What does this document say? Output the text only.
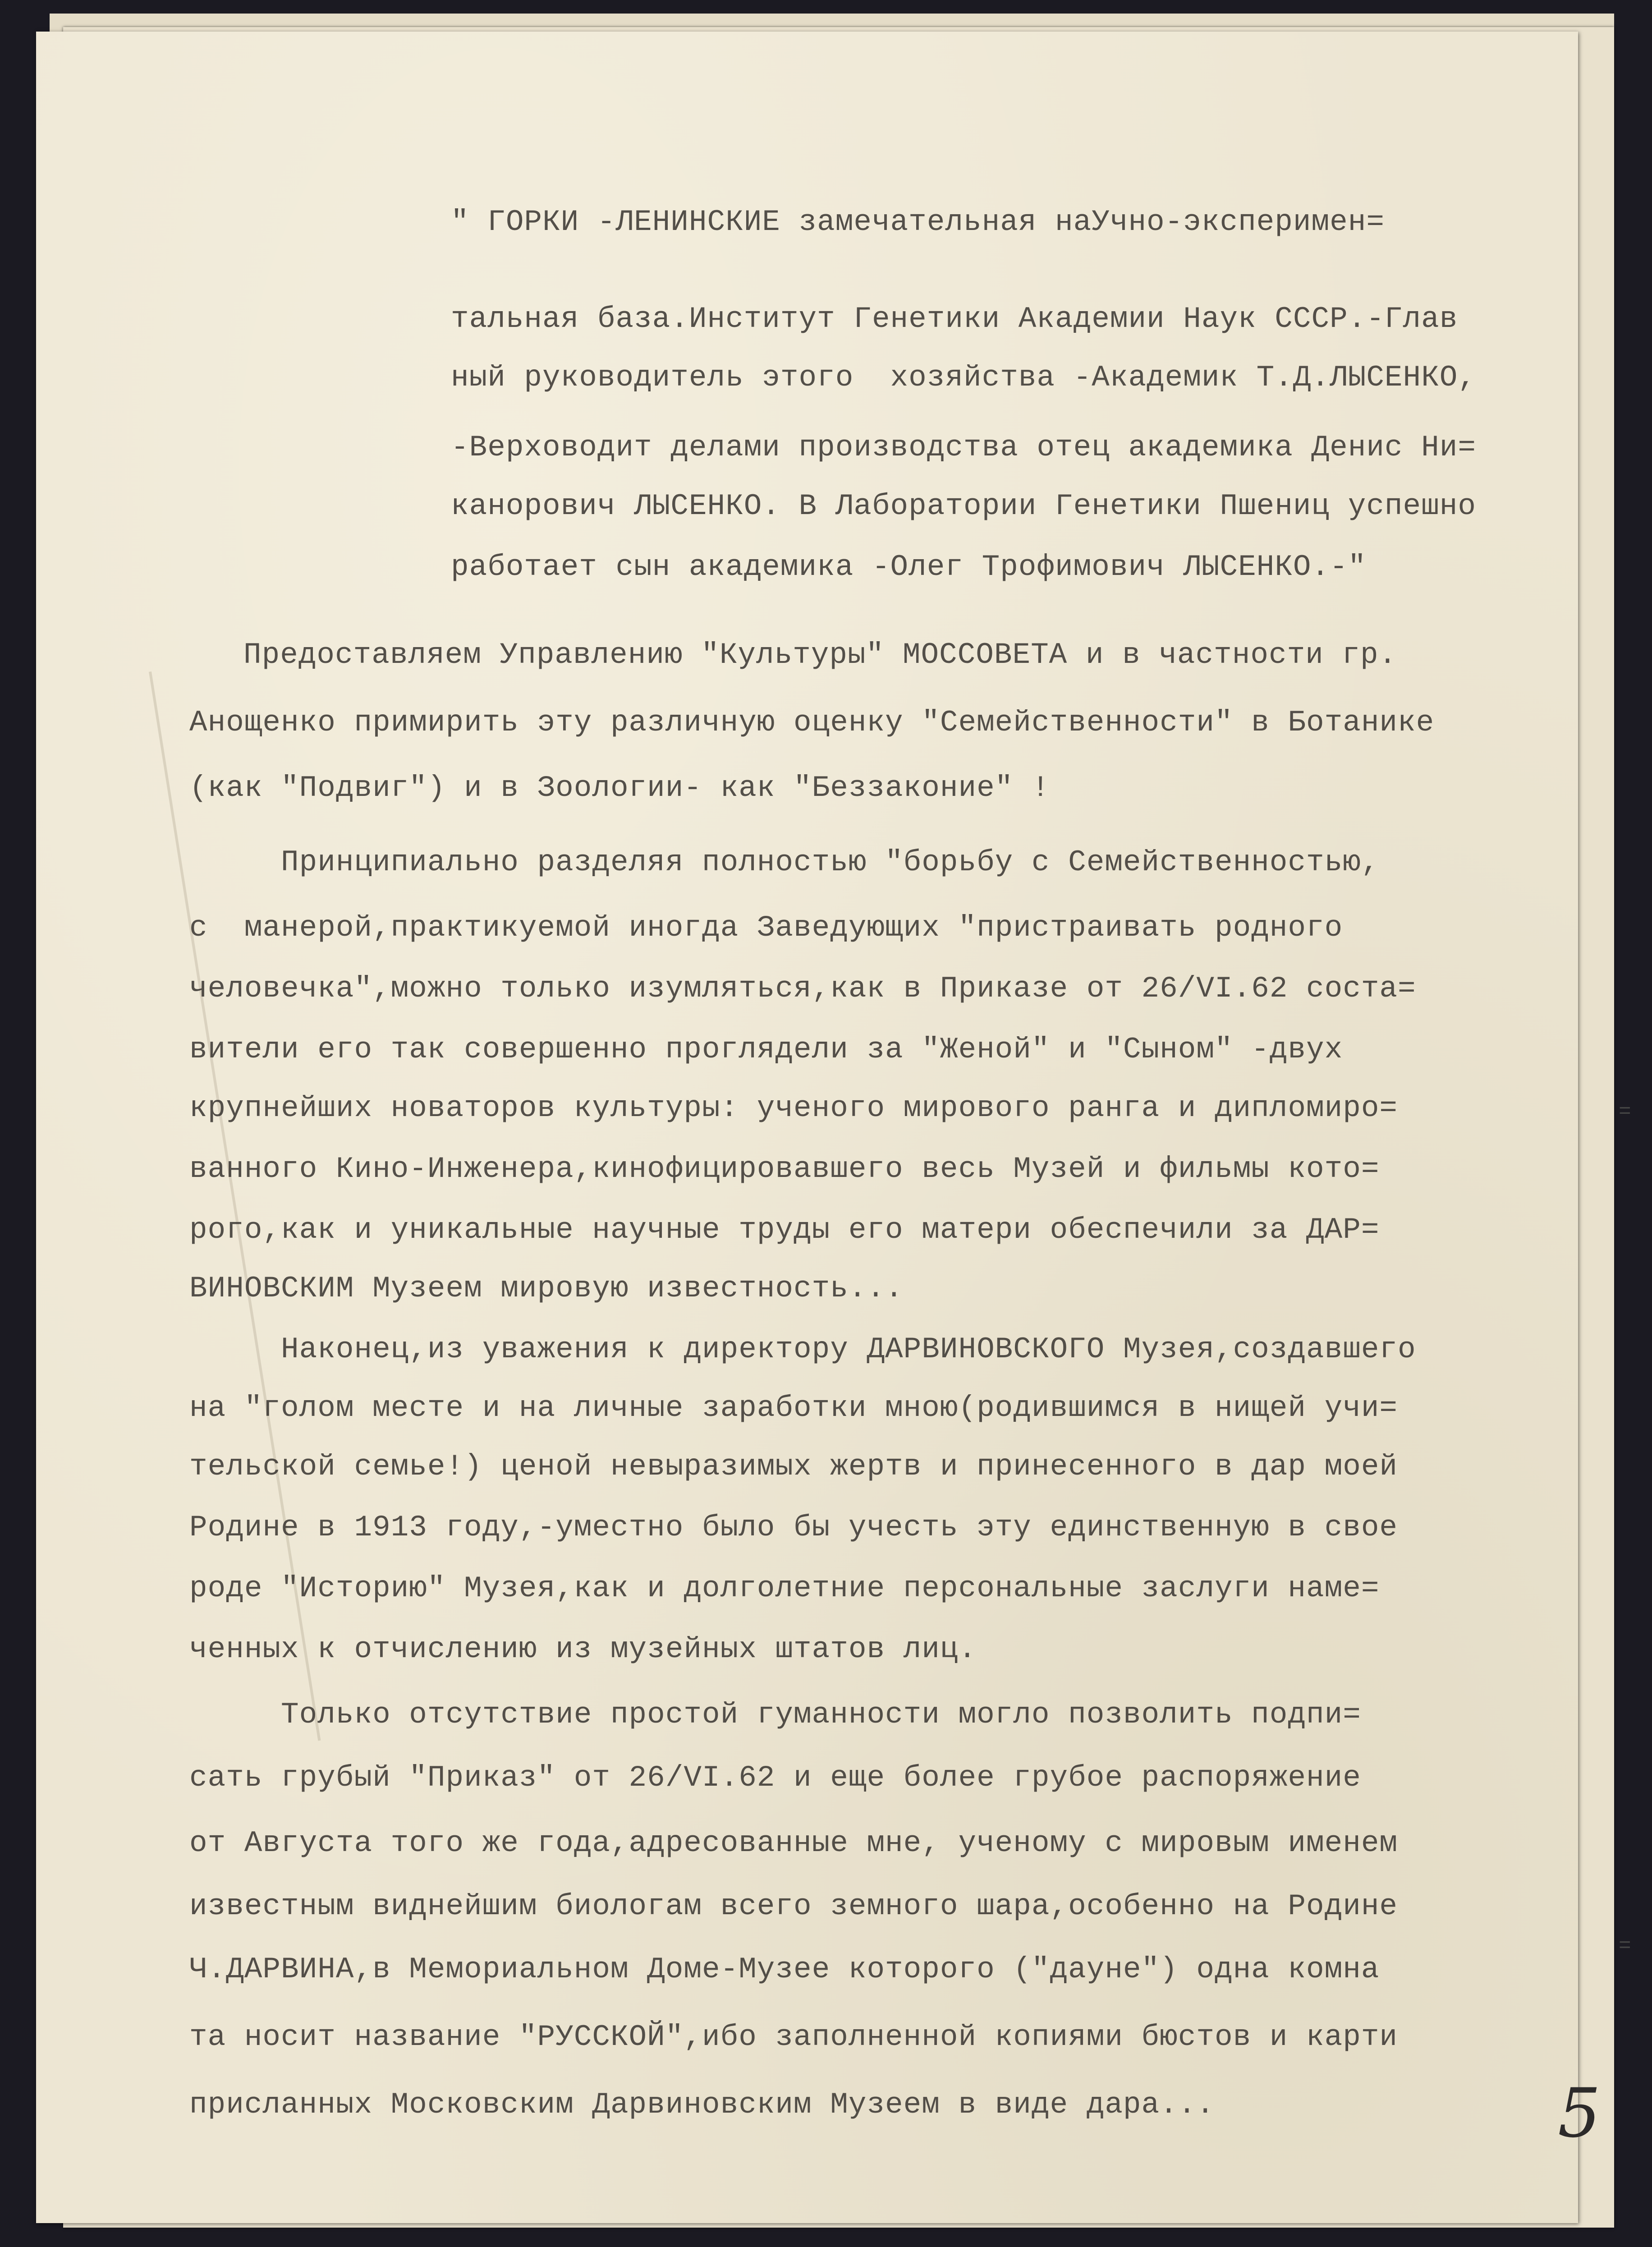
" ГОРКИ -ЛЕНИНСКИЕ замечательная наУчно-эксперимен=
тальная база.Институт Генетики Академии Наук СССР.-Глав
ный руководитель этого  хозяйства -Академик Т.Д.ЛЫСЕНКО,
-Верховодит делами производства отец академика Денис Ни=
канорович ЛЫСЕНКО. В Лаборатории Генетики Пшениц успешно
работает сын академика -Олег Трофимович ЛЫСЕНКО.-"
Предоставляем Управлению "Культуры" МОССОВЕТА и в частности гр.
Анощенко примирить эту различную оценку "Семейственности" в Ботанике
(как "Подвиг") и в Зоологии- как "Беззаконие" !
Принципиально разделяя полностью "борьбу с Семейственностью,
с  манерой,практикуемой иногда Заведующих "пристраивать родного
человечка",можно только изумляться,как в Приказе от 26/VI.62 соста=
вители его так совершенно проглядели за "Женой" и "Сыном" -двух
крупнейших новаторов культуры: ученого мирового ранга и дипломиро=
ванного Кино-Инженера,кинофицировавшего весь Музей и фильмы кото=
рого,как и уникальные научные труды его матери обеспечили за ДАР=
ВИНОВСКИМ Музеем мировую известность...
Наконец,из уважения к директору ДАРВИНОВСКОГО Музея,создавшего
на "голом месте и на личные заработки мною(родившимся в нищей учи=
тельской семье!) ценой невыразимых жертв и принесенного в дар моей
Родине в 1913 году,-уместно было бы учесть эту единственную в свое
роде "Историю" Музея,как и долголетние персональные заслуги наме=
ченных к отчислению из музейных штатов лиц.
Только отсутствие простой гуманности могло позволить подпи=
сать грубый "Приказ" от 26/VI.62 и еще более грубое распоряжение
от Августа того же года,адресованные мне, ученому с мировым именем
известным виднейшим биологам всего земного шара,особенно на Родине
Ч.ДАРВИНА,в Мемориальном Доме-Музее которого ("дауне") одна комна
та носит название "РУССКОЙ",ибо заполненной копиями бюстов и карти
присланных Московским Дарвиновским Музеем в виде дара...	5
=
=
